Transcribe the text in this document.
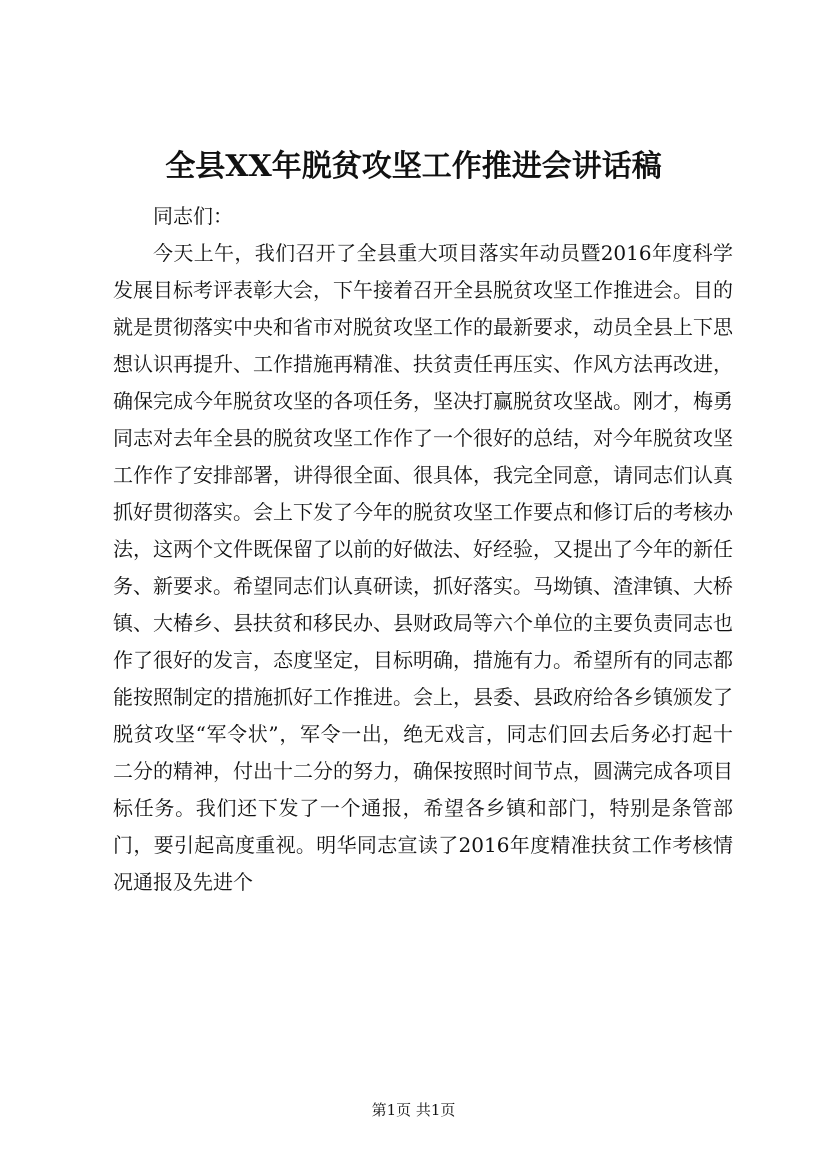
全县XX年脱贫攻坚工作推进会讲话稿

同志们：

今天上午，我们召开了全县重大项目落实年动员暨2016年度科学发展目标考评表彰大会，下午接着召开全县脱贫攻坚工作推进会。目的就是贯彻落实中央和省市对脱贫攻坚工作的最新要求，动员全县上下思想认识再提升、工作措施再精准、扶贫责任再压实、作风方法再改进，确保完成今年脱贫攻坚的各项任务，坚决打赢脱贫攻坚战。刚才，梅勇同志对去年全县的脱贫攻坚工作作了一个很好的总结，对今年脱贫攻坚工作作了安排部署，讲得很全面、很具体，我完全同意，请同志们认真抓好贯彻落实。会上下发了今年的脱贫攻坚工作要点和修订后的考核办法，这两个文件既保留了以前的好做法、好经验，又提出了今年的新任务、新要求。希望同志们认真研读，抓好落实。马坳镇、渣津镇、大桥镇、大椿乡、县扶贫和移民办、县财政局等六个单位的主要负责同志也作了很好的发言，态度坚定，目标明确，措施有力。希望所有的同志都能按照制定的措施抓好工作推进。会上，县委、县政府给各乡镇颁发了脱贫攻坚“军令状”，军令一出，绝无戏言，同志们回去后务必打起十二分的精神，付出十二分的努力，确保按照时间节点，圆满完成各项目标任务。我们还下发了一个通报，希望各乡镇和部门，特别是条管部门，要引起高度重视。明华同志宣读了2016年度精准扶贫工作考核情况通报及先进个

第1页 共1页
